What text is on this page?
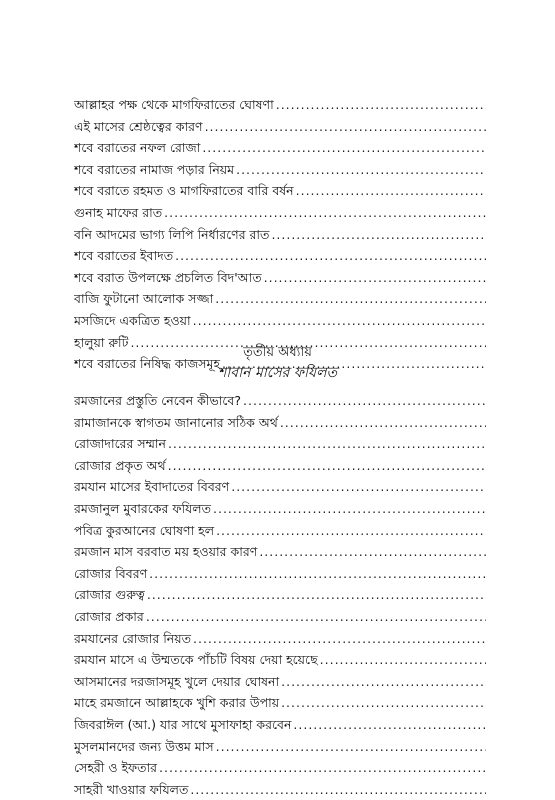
আল্লাহর পক্ষ থেকে মাগফিরাতের ঘোষণা
.....
এই মাসের শ্রেষ্ঠত্বের কারণ
.....
শবে বরাতের নফল রোজা
.....
শবে বরাতের নামাজ পড়ার নিয়ম
.....
শবে বরাতে রহমত ও মাগফিরাতের বারি বর্ষন
.....
গুনাহ মাফের রাত
.....
বনি আদমের ভাগ্য লিপি নির্ধারণের রাত
.....
শবে বরাতের ইবাদত
.....
শবে বরাত উপলক্ষে প্রচলিত বিদ'আত
.....
বাজি ফুটানো আলোক সজ্জা
.....
মসজিদে একত্রিত হওয়া
.....
হালুয়া রুটি
.....
শবে বরাতের নিষিদ্ধ কাজসমূহ
.....
তৃতীয় অধ্যায়
শাবান মাসের ফযিলত
রমজানের প্রস্তুতি নেবেন কীভাবে?
.....
রামাজানকে স্বাগতম জানানোর সঠিক অর্থ
.....
রোজাদারের সম্মান
.....
রোজার প্রকৃত অর্থ
.....
রমযান মাসের ইবাদাতের বিবরণ
.....
রমজানুল মুবারকের ফযিলত
.....
পবিত্র কুরআনের ঘোষণা হল
.....
রমজান মাস বরবাত ময় হওয়ার কারণ
.....
রোজার বিবরণ
.....
রোজার গুরুত্ব
.....
রোজার প্রকার
.....
রমযানের রোজার নিয়ত
.....
রমযান মাসে এ উম্মতকে পাঁচটি বিষয় দেয়া হয়েছে
.....
আসমানের দরজাসমূহ খুলে দেয়ার ঘোষনা
.....
মাহে রমজানে আল্লাহকে খুশি করার উপায়
.....
জিবরাঈল (আ.) যার সাথে মুসাফাহা করবেন
.....
মুসলমানদের জন্য উত্তম মাস
.....
সেহরী ও ইফতার
.....
সাহরী খাওয়ার ফযিলত
.....
